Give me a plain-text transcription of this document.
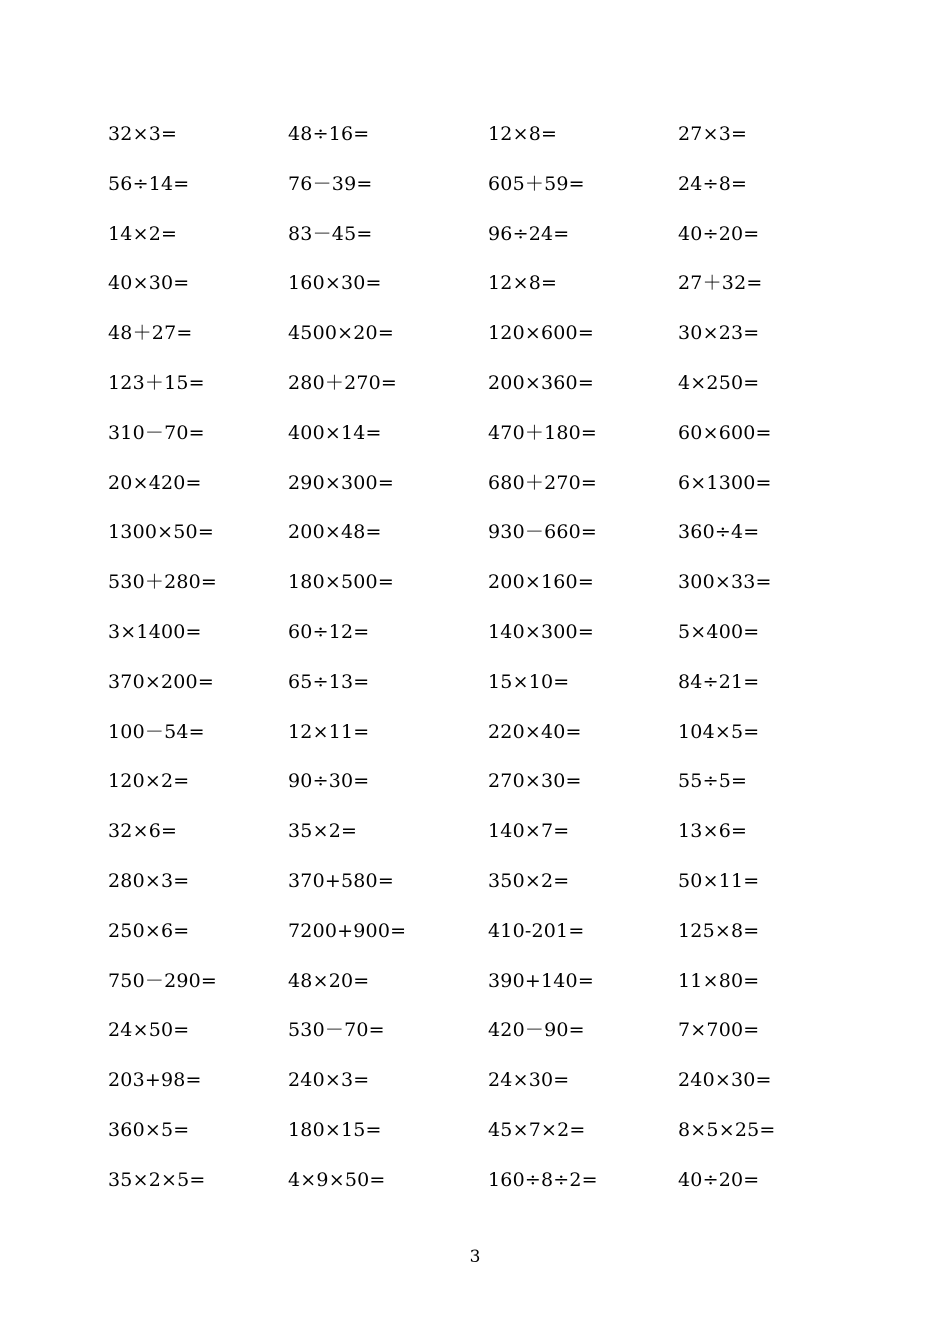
32×3=	48÷16=	12×8=	27×3=
56÷14=	76－39=	605＋59=	24÷8=
14×2=	83－45=	96÷24=	40÷20=
40×30=	160×30=	12×8=	27＋32=
48＋27=	4500×20=	120×600=	30×23=
123＋15=	280＋270=	200×360=	4×250=
310－70=	400×14=	470＋180=	60×600=
20×420=	290×300=	680＋270=	6×1300=
1300×50=	200×48=	930－660=	360÷4=
530＋280=	180×500=	200×160=	300×33=
3×1400=	60÷12=	140×300=	5×400=
370×200=	65÷13=	15×10=	84÷21=
100－54=	12×11=	220×40=	104×5=
120×2=	90÷30=	270×30=	55÷5=
32×6=	35×2=	140×7=	13×6=
280×3=	370+580=	350×2=	50×11=
250×6=	7200+900=	410-201=	125×8=
750－290=	48×20=	390+140=	11×80=
24×50=	530－70=	420－90=	7×700=
203+98=	240×3=	24×30=	240×30=
360×5=	180×15=	45×7×2=	8×5×25=
35×2×5=	4×9×50=	160÷8÷2=	40÷20=
3
